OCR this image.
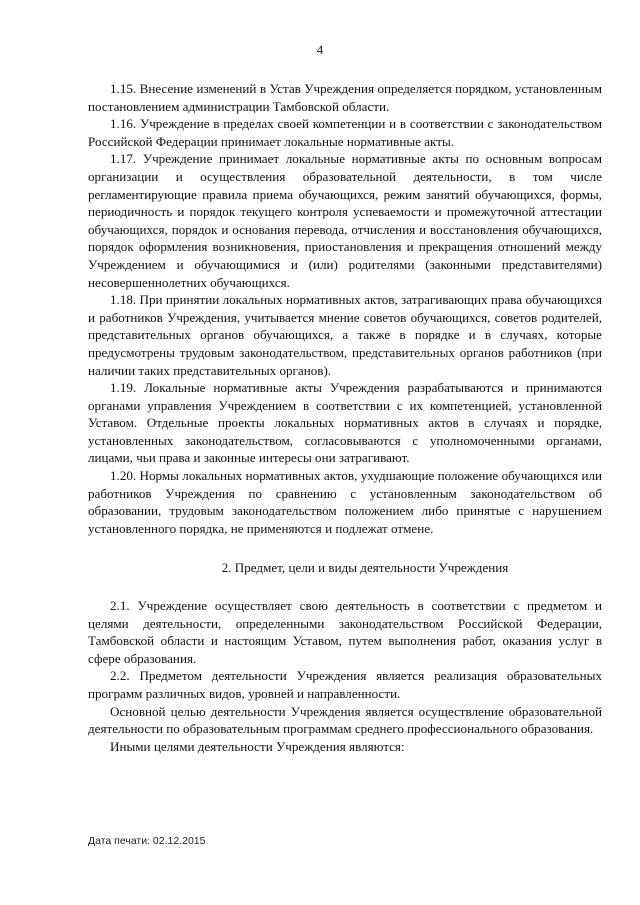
4

1.15. Внесение изменений в Устав Учреждения определяется порядком, установленным постановлением администрации Тамбовской области.

1.16. Учреждение в пределах своей компетенции и в соответствии с законодательством Российской Федерации принимает локальные нормативные акты.

1.17. Учреждение принимает локальные нормативные акты по основным вопросам организации и осуществления образовательной деятельности, в том числе регламентирующие правила приема обучающихся, режим занятий обучающихся, формы, периодичность и порядок текущего контроля успеваемости и промежуточной аттестации обучающихся, порядок и основания перевода, отчисления и восстановления обучающихся, порядок оформления возникновения, приостановления и прекращения отношений между Учреждением и обучающимися и (или) родителями (законными представителями) несовершеннолетних обучающихся.

1.18. При принятии локальных нормативных актов, затрагивающих права обучающихся и работников Учреждения, учитывается мнение советов обучающихся, советов родителей, представительных органов обучающихся, а также в порядке и в случаях, которые предусмотрены трудовым законодательством, представительных органов работников (при наличии таких представительных органов).

1.19. Локальные нормативные акты Учреждения разрабатываются и принимаются органами управления Учреждением в соответствии с их компетенцией, установленной Уставом. Отдельные проекты локальных нормативных актов в случаях и порядке, установленных законодательством, согласовываются с уполномоченными органами, лицами, чьи права и законные интересы они затрагивают.

1.20. Нормы локальных нормативных актов, ухудшающие положение обучающихся или работников Учреждения по сравнению с установленным законодательством об образовании, трудовым законодательством положением либо принятые с нарушением установленного порядка, не применяются и подлежат отмене.

2. Предмет, цели и виды деятельности Учреждения

2.1. Учреждение осуществляет свою деятельность в соответствии с предметом и целями деятельности, определенными законодательством Российской Федерации, Тамбовской области и настоящим Уставом, путем выполнения работ, оказания услуг в сфере образования.

2.2. Предметом деятельности Учреждения является реализация образовательных программ различных видов, уровней и направленности.

Основной целью деятельности Учреждения является осуществление образовательной деятельности по образовательным программам среднего профессионального образования.

Иными целями деятельности Учреждения являются:

Дата печати: 02.12.2015
